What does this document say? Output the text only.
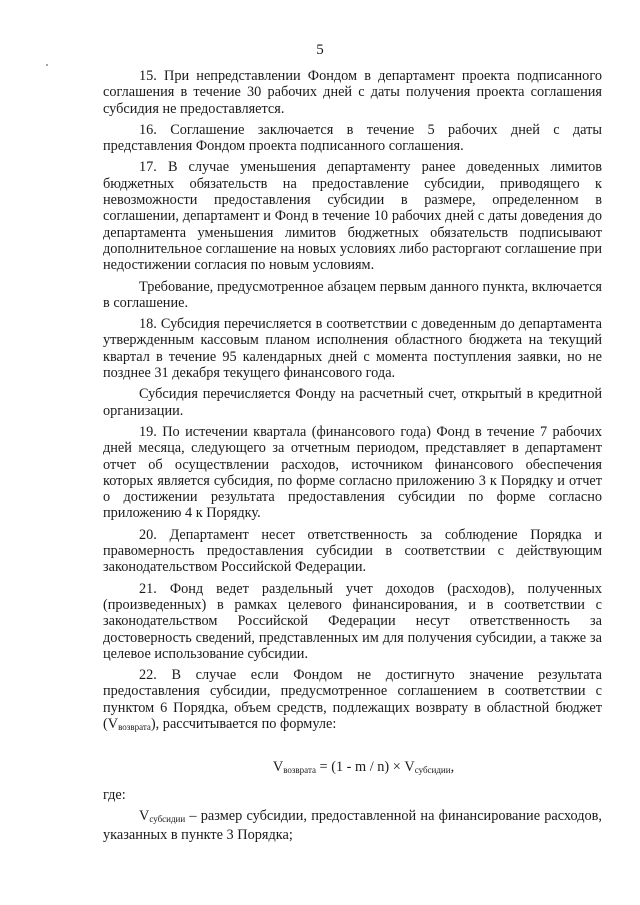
5

15. При непредставлении Фондом в департамент проекта подписанного соглашения в течение 30 рабочих дней с даты получения проекта соглашения субсидия не предоставляется.

16. Соглашение заключается в течение 5 рабочих дней с даты представления Фондом проекта подписанного соглашения.

17. В случае уменьшения департаменту ранее доведенных лимитов бюджетных обязательств на предоставление субсидии, приводящего к невозможности предоставления субсидии в размере, определенном в соглашении, департамент и Фонд в течение 10 рабочих дней с даты доведения до департамента уменьшения лимитов бюджетных обязательств подписывают дополнительное соглашение на новых условиях либо расторгают соглашение при недостижении согласия по новым условиям.

Требование, предусмотренное абзацем первым данного пункта, включается в соглашение.

18. Субсидия перечисляется в соответствии с доведенным до департамента утвержденным кассовым планом исполнения областного бюджета на текущий квартал в течение 95 календарных дней с момента поступления заявки, но не позднее 31 декабря текущего финансового года.

Субсидия перечисляется Фонду на расчетный счет, открытый в кредитной организации.

19. По истечении квартала (финансового года) Фонд в течение 7 рабочих дней месяца, следующего за отчетным периодом, представляет в департамент отчет об осуществлении расходов, источником финансового обеспечения которых является субсидия, по форме согласно приложению 3 к Порядку и отчет о достижении результата предоставления субсидии по форме согласно приложению 4 к Порядку.

20. Департамент несет ответственность за соблюдение Порядка и правомерность предоставления субсидии в соответствии с действующим законодательством Российской Федерации.

21. Фонд ведет раздельный учет доходов (расходов), полученных (произведенных) в рамках целевого финансирования, и в соответствии с законодательством Российской Федерации несут ответственность за достоверность сведений, представленных им для получения субсидии, а также за целевое использование субсидии.

22. В случае если Фондом не достигнуто значение результата предоставления субсидии, предусмотренное соглашением в соответствии с пунктом 6 Порядка, объем средств, подлежащих возврату в областной бюджет $(V_{возврата})$, рассчитывается по формуле:

$V_{возврата} = (1 - m / n) \times V_{субсидии}$,

где:

$V_{субсидии}$ – размер субсидии, предоставленной на финансирование расходов, указанных в пункте 3 Порядка;
